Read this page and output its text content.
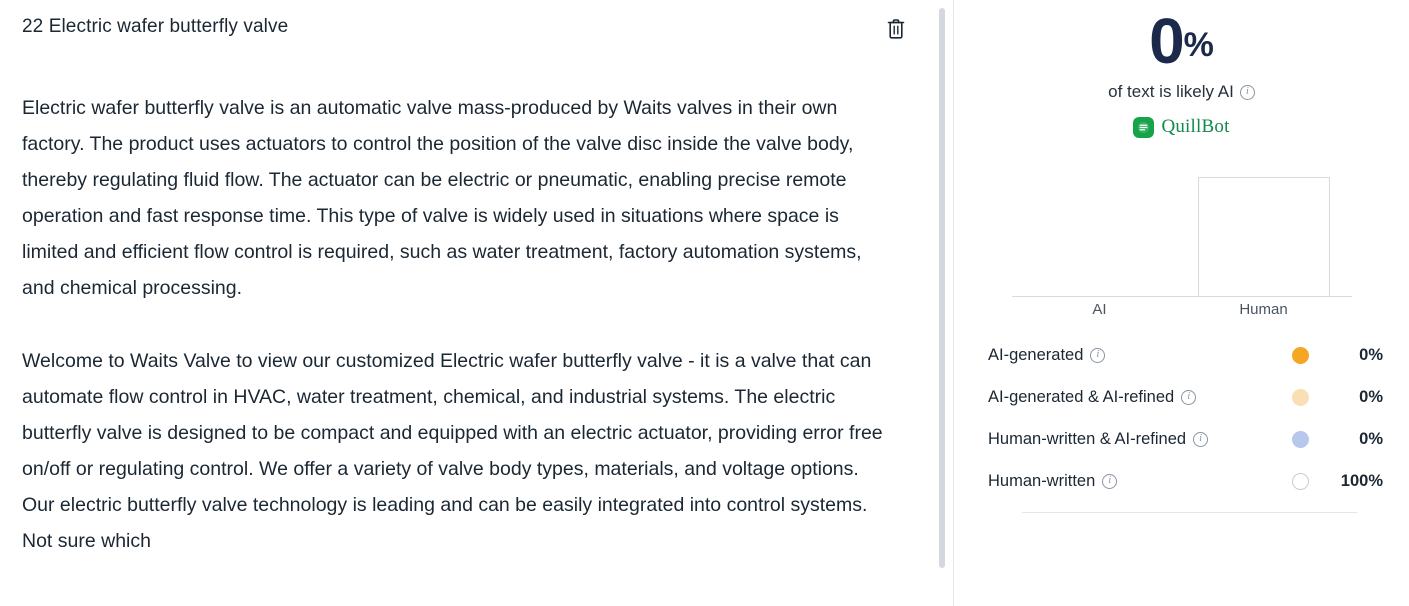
22 Electric wafer butterfly valve

Electric wafer butterfly valve is an automatic valve mass-produced by Waits valves in their own factory. The product uses actuators to control the position of the valve disc inside the valve body, thereby regulating fluid flow. The actuator can be electric or pneumatic, enabling precise remote operation and fast response time. This type of valve is widely used in situations where space is limited and efficient flow control is required, such as water treatment, factory automation systems, and chemical processing.

Welcome to Waits Valve to view our customized Electric wafer butterfly valve - it is a valve that can automate flow control in HVAC, water treatment, chemical, and industrial systems. The electric butterfly valve is designed to be compact and equipped with an electric actuator, providing error free on/off or regulating control. We offer a variety of valve body types, materials, and voltage options. Our electric butterfly valve technology is leading and can be easily integrated into control systems. Not sure which

0%
of text is likely AI	i
QuillBot
AI	Human
AI-generated	i	0%
AI-generated & AI-refined	i	0%
Human-written & AI-refined	i	0%
Human-written	i	100%
